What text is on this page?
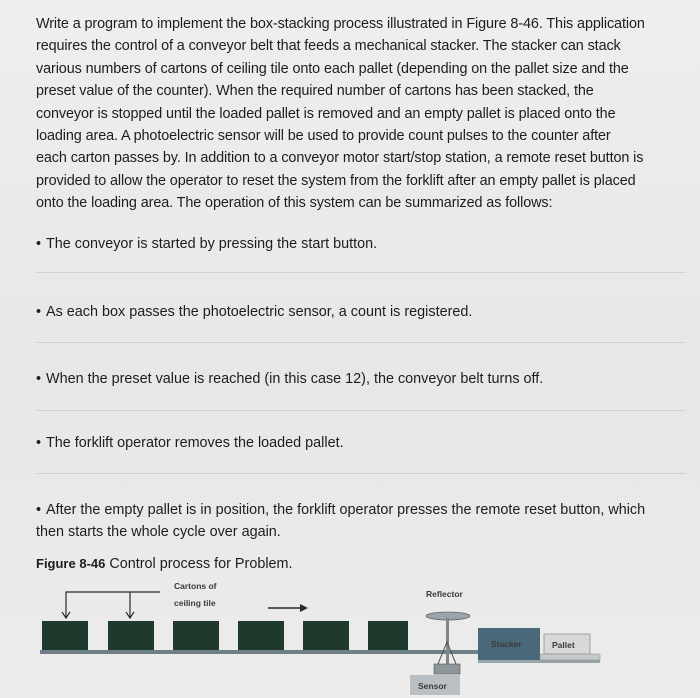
Write a program to implement the box-stacking process illustrated in Figure 8-46. This application
requires the control of a conveyor belt that feeds a mechanical stacker. The stacker can stack
various numbers of cartons of ceiling tile onto each pallet (depending on the pallet size and the
preset value of the counter). When the required number of cartons has been stacked, the
conveyor is stopped until the loaded pallet is removed and an empty pallet is placed onto the
loading area. A photoelectric sensor will be used to provide count pulses to the counter after
each carton passes by. In addition to a conveyor motor start/stop station, a remote reset button is
provided to allow the operator to reset the system from the forklift after an empty pallet is placed
onto the loading area. The operation of this system can be summarized as follows:
• The conveyor is started by pressing the start button.
• As each box passes the photoelectric sensor, a count is registered.
• When the preset value is reached (in this case 12), the conveyor belt turns off.
• The forklift operator removes the loaded pallet.
• After the empty pallet is in position, the forklift operator presses the remote reset button, which then starts the whole cycle over again.
Figure 8-46 Control process for Problem.
Cartons of
ceiling tile
Reflector
Sensor
Stacker	Pallet
